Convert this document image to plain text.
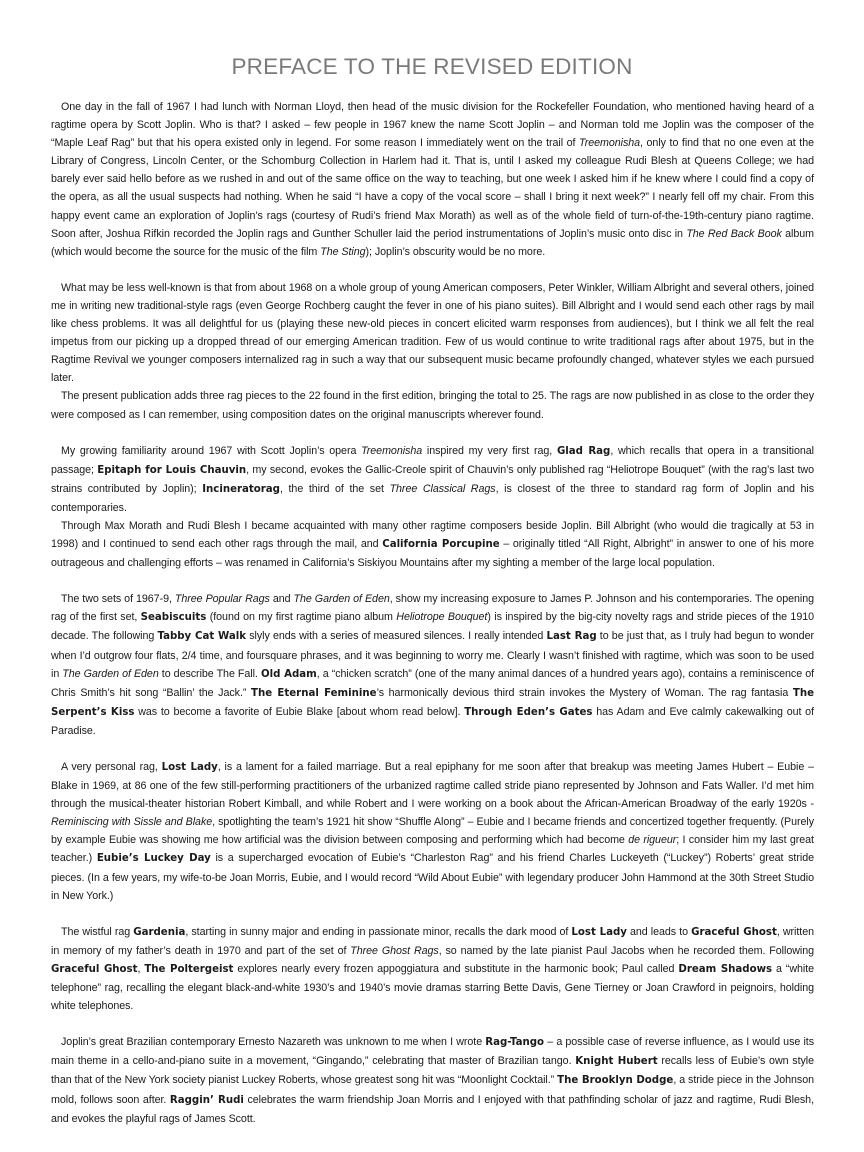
PREFACE TO THE REVISED EDITION

One day in the fall of 1967 I had lunch with Norman Lloyd, then head of the music division for the Rockefeller Foundation, who mentioned having heard of a ragtime opera by Scott Joplin. Who is that? I asked – few people in 1967 knew the name Scott Joplin – and Norman told me Joplin was the composer of the “Maple Leaf Rag” but that his opera existed only in legend. For some reason I immediately went on the trail of Treemonisha, only to find that no one even at the Library of Congress, Lincoln Center, or the Schomburg Collection in Harlem had it. That is, until I asked my colleague Rudi Blesh at Queens College; we had barely ever said hello before as we rushed in and out of the same office on the way to teaching, but one week I asked him if he knew where I could find a copy of the opera, as all the usual suspects had nothing. When he said “I have a copy of the vocal score – shall I bring it next week?” I nearly fell off my chair. From this happy event came an exploration of Joplin’s rags (courtesy of Rudi’s friend Max Morath) as well as of the whole field of turn-of-the-19th-century piano ragtime. Soon after, Joshua Rifkin recorded the Joplin rags and Gunther Schuller laid the period instrumentations of Joplin’s music onto disc in The Red Back Book album (which would become the source for the music of the film The Sting); Joplin’s obscurity would be no more.

What may be less well-known is that from about 1968 on a whole group of young American composers, Peter Winkler, William Albright and several others, joined me in writing new traditional-style rags (even George Rochberg caught the fever in one of his piano suites). Bill Albright and I would send each other rags by mail like chess problems. It was all delightful for us (playing these new-old pieces in concert elicited warm responses from audiences), but I think we all felt the real impetus from our picking up a dropped thread of our emerging American tradition. Few of us would continue to write traditional rags after about 1975, but in the Ragtime Revival we younger composers internalized rag in such a way that our subsequent music became profoundly changed, whatever styles we each pursued later.

The present publication adds three rag pieces to the 22 found in the first edition, bringing the total to 25. The rags are now published in as close to the order they were composed as I can remember, using composition dates on the original manuscripts wherever found.

My growing familiarity around 1967 with Scott Joplin’s opera Treemonisha inspired my very first rag, Glad Rag, which recalls that opera in a transitional passage; Epitaph for Louis Chauvin, my second, evokes the Gallic-Creole spirit of Chauvin’s only published rag “Heliotrope Bouquet” (with the rag’s last two strains contributed by Joplin); Incineratorag, the third of the set Three Classical Rags, is closest of the three to standard rag form of Joplin and his contemporaries.

Through Max Morath and Rudi Blesh I became acquainted with many other ragtime composers beside Joplin. Bill Albright (who would die tragically at 53 in 1998) and I continued to send each other rags through the mail, and California Porcupine – originally titled “All Right, Albright” in answer to one of his more outrageous and challenging efforts – was renamed in California’s Siskiyou Mountains after my sighting a member of the large local population.

The two sets of 1967-9, Three Popular Rags and The Garden of Eden, show my increasing exposure to James P. Johnson and his contemporaries. The opening rag of the first set, Seabiscuits (found on my first ragtime piano album Heliotrope Bouquet) is inspired by the big-city novelty rags and stride pieces of the 1910 decade. The following Tabby Cat Walk slyly ends with a series of measured silences. I really intended Last Rag to be just that, as I truly had begun to wonder when I’d outgrow four flats, 2/4 time, and foursquare phrases, and it was beginning to worry me. Clearly I wasn’t finished with ragtime, which was soon to be used in The Garden of Eden to describe The Fall. Old Adam, a “chicken scratch” (one of the many animal dances of a hundred years ago), contains a reminiscence of Chris Smith’s hit song “Ballin’ the Jack.” The Eternal Feminine’s harmonically devious third strain invokes the Mystery of Woman. The rag fantasia The Serpent’s Kiss was to become a favorite of Eubie Blake [about whom read below]. Through Eden’s Gates has Adam and Eve calmly cakewalking out of Paradise.

A very personal rag, Lost Lady, is a lament for a failed marriage. But a real epiphany for me soon after that breakup was meeting James Hubert – Eubie – Blake in 1969, at 86 one of the few still-performing practitioners of the urbanized ragtime called stride piano represented by Johnson and Fats Waller. I’d met him through the musical-theater historian Robert Kimball, and while Robert and I were working on a book about the African-American Broadway of the early 1920s - Reminiscing with Sissle and Blake, spotlighting the team’s 1921 hit show “Shuffle Along” – Eubie and I became friends and concertized together frequently. (Purely by example Eubie was showing me how artificial was the division between composing and performing which had become de rigueur; I consider him my last great teacher.) Eubie’s Luckey Day is a supercharged evocation of Eubie’s “Charleston Rag” and his friend Charles Luckeyeth (“Luckey”) Roberts’ great stride pieces. (In a few years, my wife-to-be Joan Morris, Eubie, and I would record “Wild About Eubie” with legendary producer John Hammond at the 30th Street Studio in New York.)

The wistful rag Gardenia, starting in sunny major and ending in passionate minor, recalls the dark mood of Lost Lady and leads to Graceful Ghost, written in memory of my father’s death in 1970 and part of the set of Three Ghost Rags, so named by the late pianist Paul Jacobs when he recorded them. Following Graceful Ghost, The Poltergeist explores nearly every frozen appoggiatura and substitute in the harmonic book; Paul called Dream Shadows a “white telephone” rag, recalling the elegant black-and-white 1930’s and 1940’s movie dramas starring Bette Davis, Gene Tierney or Joan Crawford in peignoirs, holding white telephones.

Joplin’s great Brazilian contemporary Ernesto Nazareth was unknown to me when I wrote Rag-Tango – a possible case of reverse influence, as I would use its main theme in a cello-and-piano suite in a movement, “Gingando,” celebrating that master of Brazilian tango. Knight Hubert recalls less of Eubie’s own style than that of the New York society pianist Luckey Roberts, whose greatest song hit was “Moonlight Cocktail.” The Brooklyn Dodge, a stride piece in the Johnson mold, follows soon after. Raggin’ Rudi celebrates the warm friendship Joan Morris and I enjoyed with that pathfinding scholar of jazz and ragtime, Rudi Blesh, and evokes the playful rags of James Scott.
